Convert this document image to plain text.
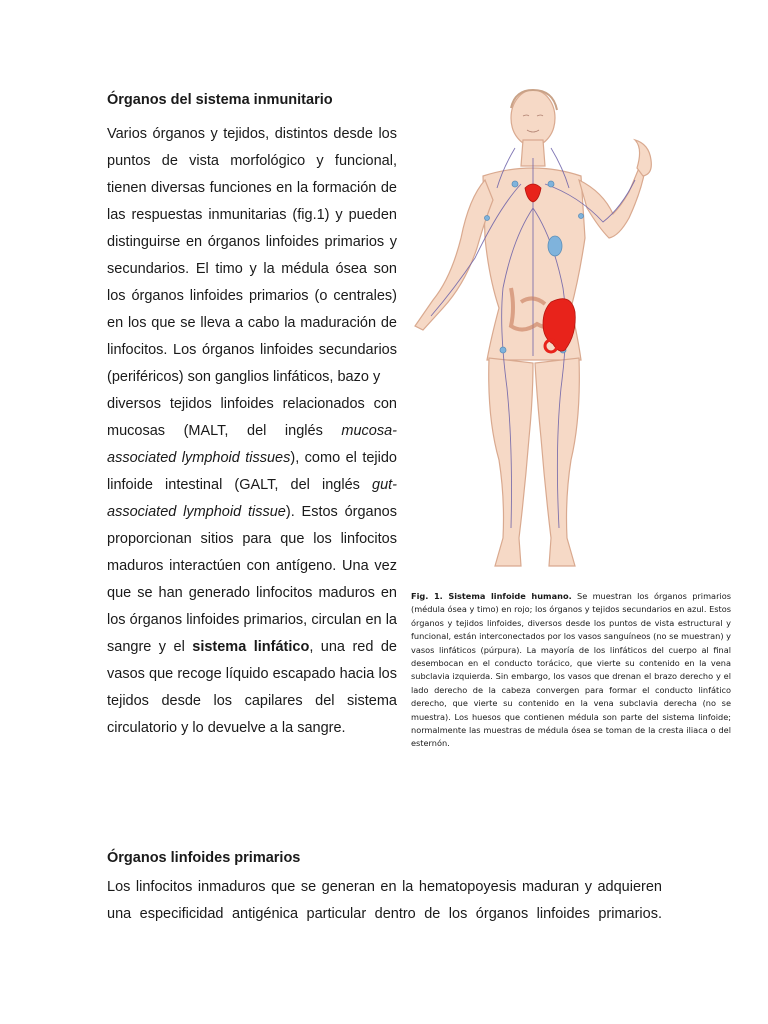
Órganos del sistema inmunitario

Varios órganos y tejidos, distintos desde los puntos de vista morfológico y funcional, tienen diversas funciones en la formación de las respuestas inmunitarias (fig.1) y pueden distinguirse en órganos linfoides primarios y secundarios. El timo y la médula ósea son los órganos linfoides primarios (o centrales) en los que se lleva a cabo la maduración de linfocitos. Los órganos linfoides secundarios (periféricos) son ganglios linfáticos, bazo y

diversos tejidos linfoides relacionados con mucosas (MALT, del inglés mucosa-associated lymphoid tissues), como el tejido linfoide intestinal (GALT, del inglés gut-associated lymphoid tissue). Estos órganos proporcionan sitios para que los linfocitos maduros interactúen con antígeno. Una vez que se han generado linfocitos maduros en los órganos linfoides primarios, circulan en la sangre y el sistema linfático, una red de vasos que recoge líquido escapado hacia los tejidos desde los capilares del sistema circulatorio y lo devuelve a la sangre.

Fig. 1. Sistema linfoide humano. Se muestran los órganos primarios (médula ósea y timo) en rojo; los órganos y tejidos secundarios en azul. Estos órganos y tejidos linfoides, diversos desde los puntos de vista estructural y funcional, están interconectados por los vasos sanguíneos (no se muestran) y vasos linfáticos (púrpura). La mayoría de los linfáticos del cuerpo al final desembocan en el conducto torácico, que vierte su contenido en la vena subclavia izquierda. Sin embargo, los vasos que drenan el brazo derecho y el lado derecho de la cabeza convergen para formar el conducto linfático derecho, que vierte su contenido en la vena subclavia derecha (no se muestra). Los huesos que contienen médula son parte del sistema linfoide; normalmente las muestras de médula ósea se toman de la cresta iliaca o del esternón.

Órganos linfoides primarios
Los linfocitos inmaduros que se generan en la hematopoyesis maduran y adquieren
una especificidad antigénica particular dentro de los órganos linfoides primarios.
